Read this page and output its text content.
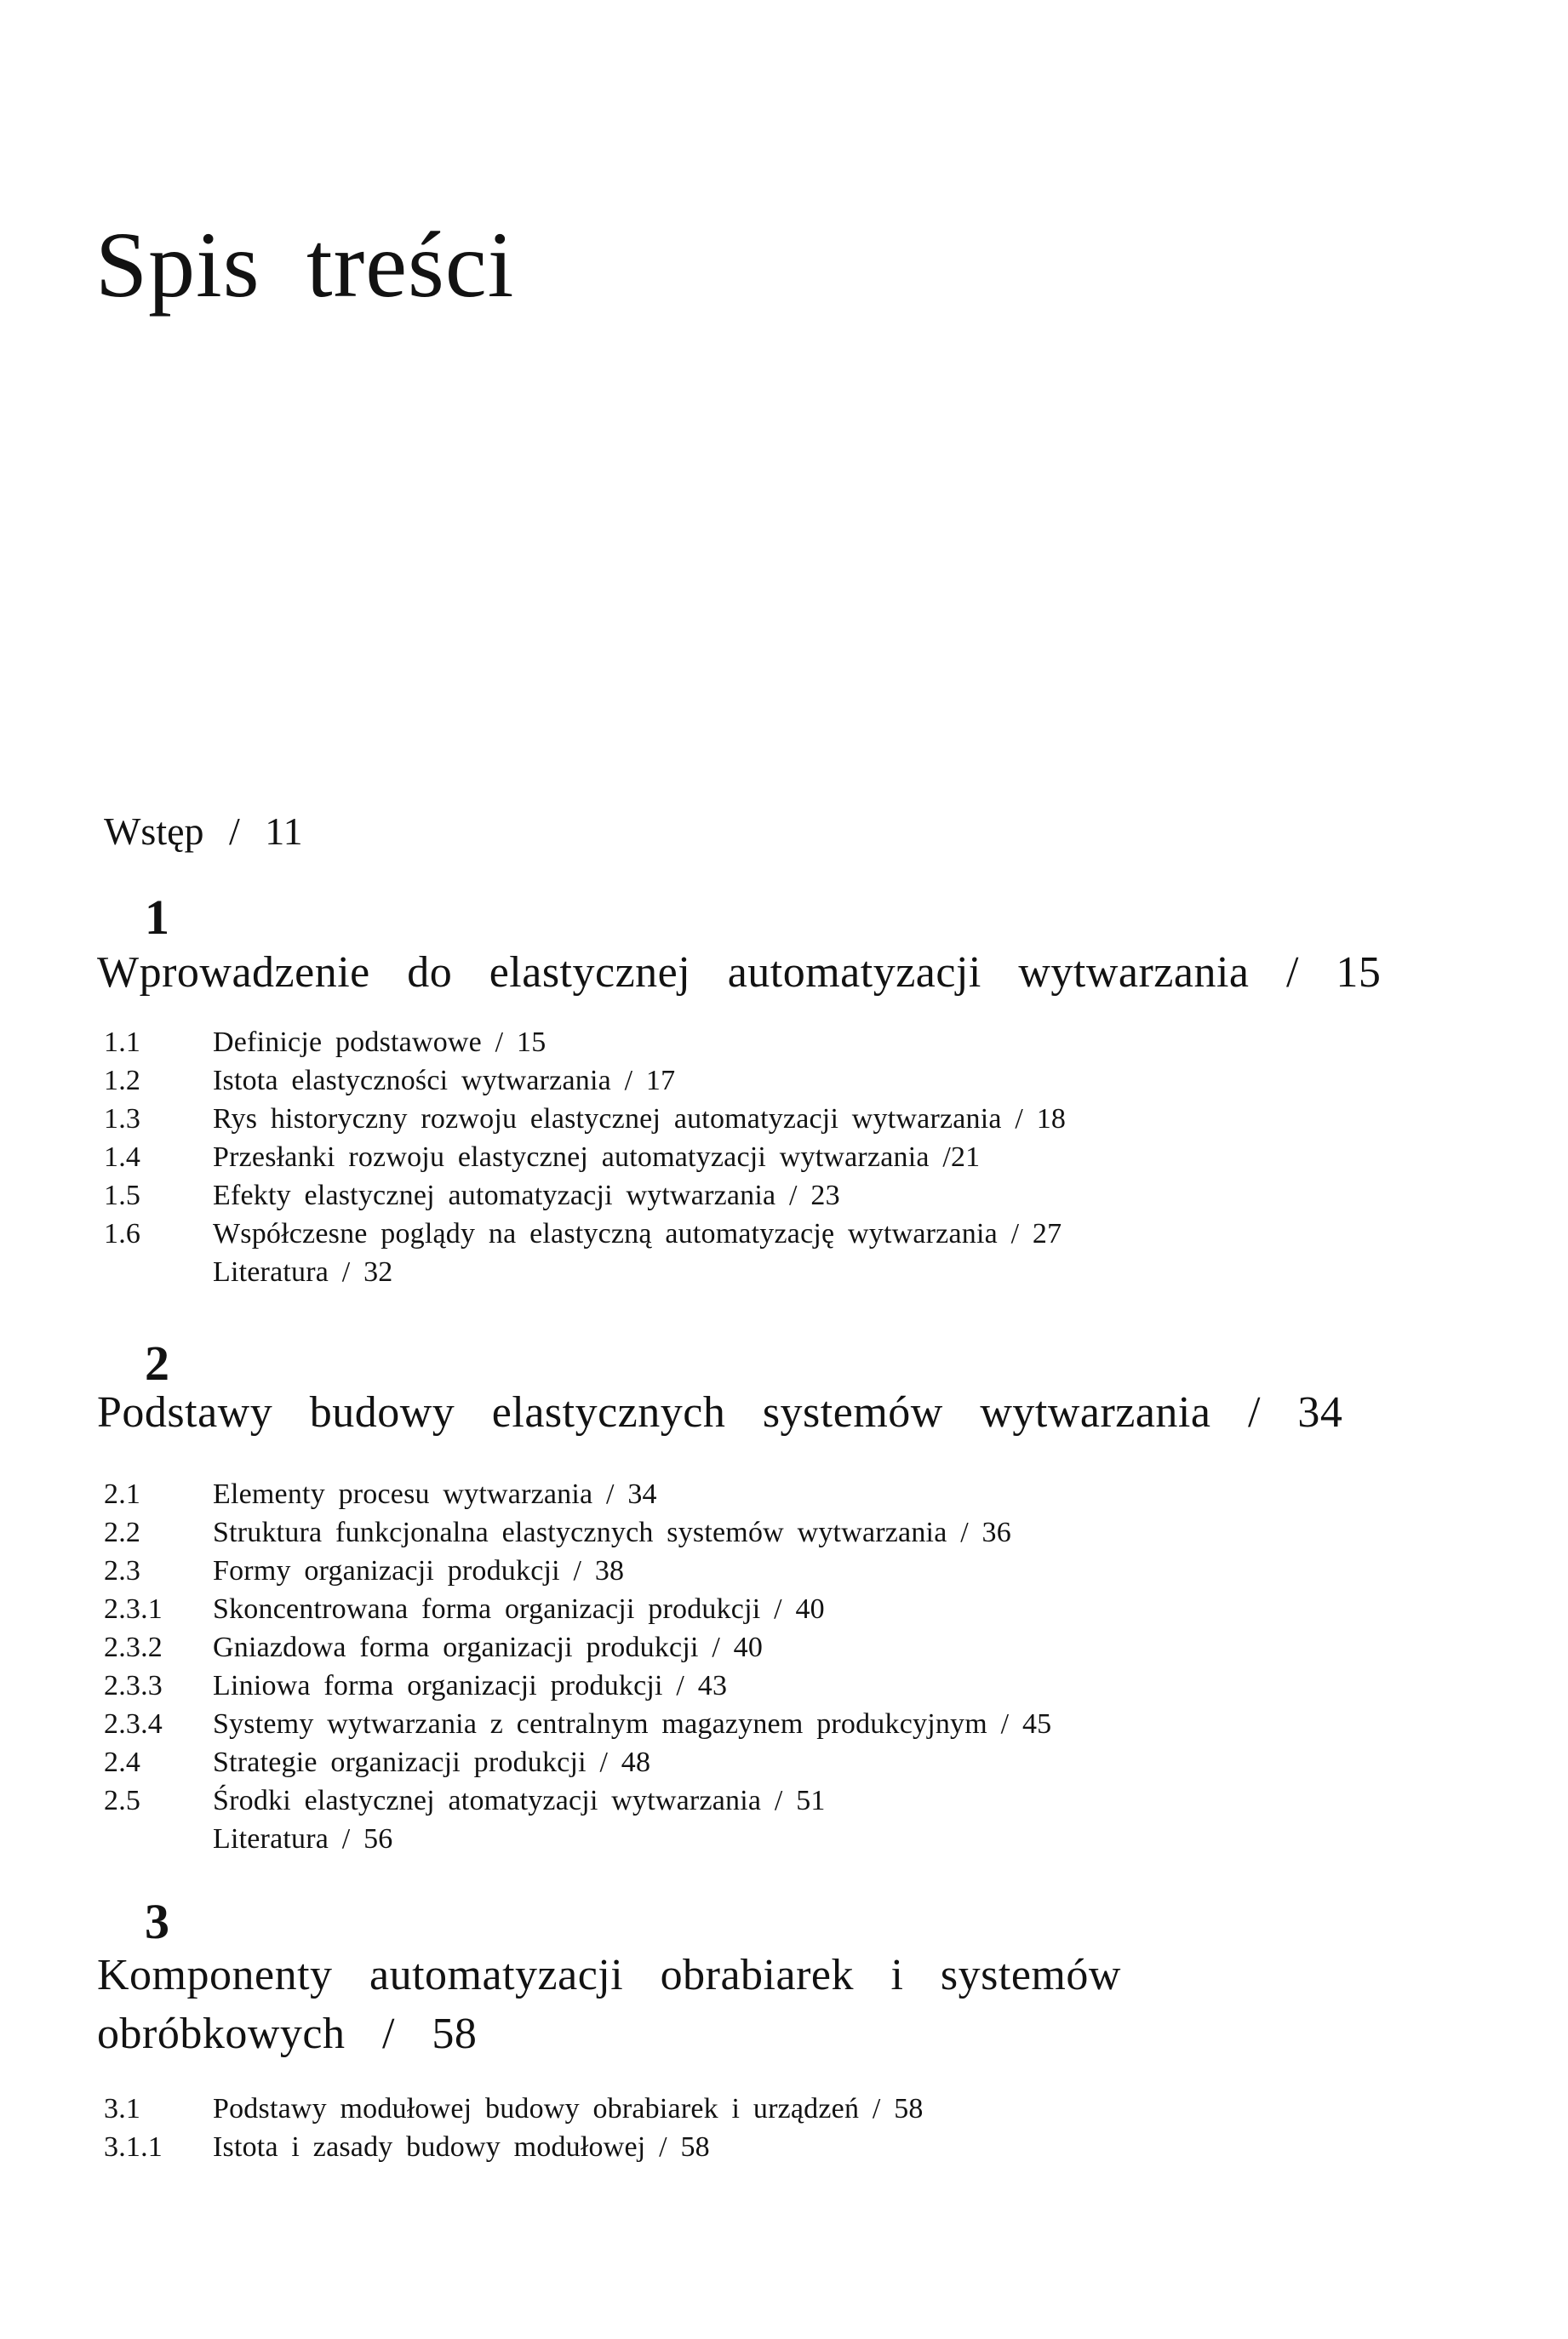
Spis treści
Wstęp / 11
1
Wprowadzenie do elastycznej automatyzacji wytwarzania / 15
1.1 Definicje podstawowe / 15
1.2 Istota elastyczności wytwarzania / 17
1.3 Rys historyczny rozwoju elastycznej automatyzacji wytwarzania / 18
1.4 Przesłanki rozwoju elastycznej automatyzacji wytwarzania /21
1.5 Efekty elastycznej automatyzacji wytwarzania / 23
1.6 Współczesne poglądy na elastyczną automatyzację wytwarzania / 27
Literatura / 32
2
Podstawy budowy elastycznych systemów wytwarzania / 34
2.1 Elementy procesu wytwarzania / 34
2.2 Struktura funkcjonalna elastycznych systemów wytwarzania / 36
2.3 Formy organizacji produkcji / 38
2.3.1 Skoncentrowana forma organizacji produkcji / 40
2.3.2 Gniazdowa forma organizacji produkcji / 40
2.3.3 Liniowa forma organizacji produkcji / 43
2.3.4 Systemy wytwarzania z centralnym magazynem produkcyjnym / 45
2.4 Strategie organizacji produkcji / 48
2.5 Środki elastycznej atomatyzacji wytwarzania / 51
Literatura / 56
3
Komponenty automatyzacji obrabiarek i systemów
obróbkowych / 58
3.1 Podstawy modułowej budowy obrabiarek i urządzeń / 58
3.1.1 Istota i zasady budowy modułowej / 58
